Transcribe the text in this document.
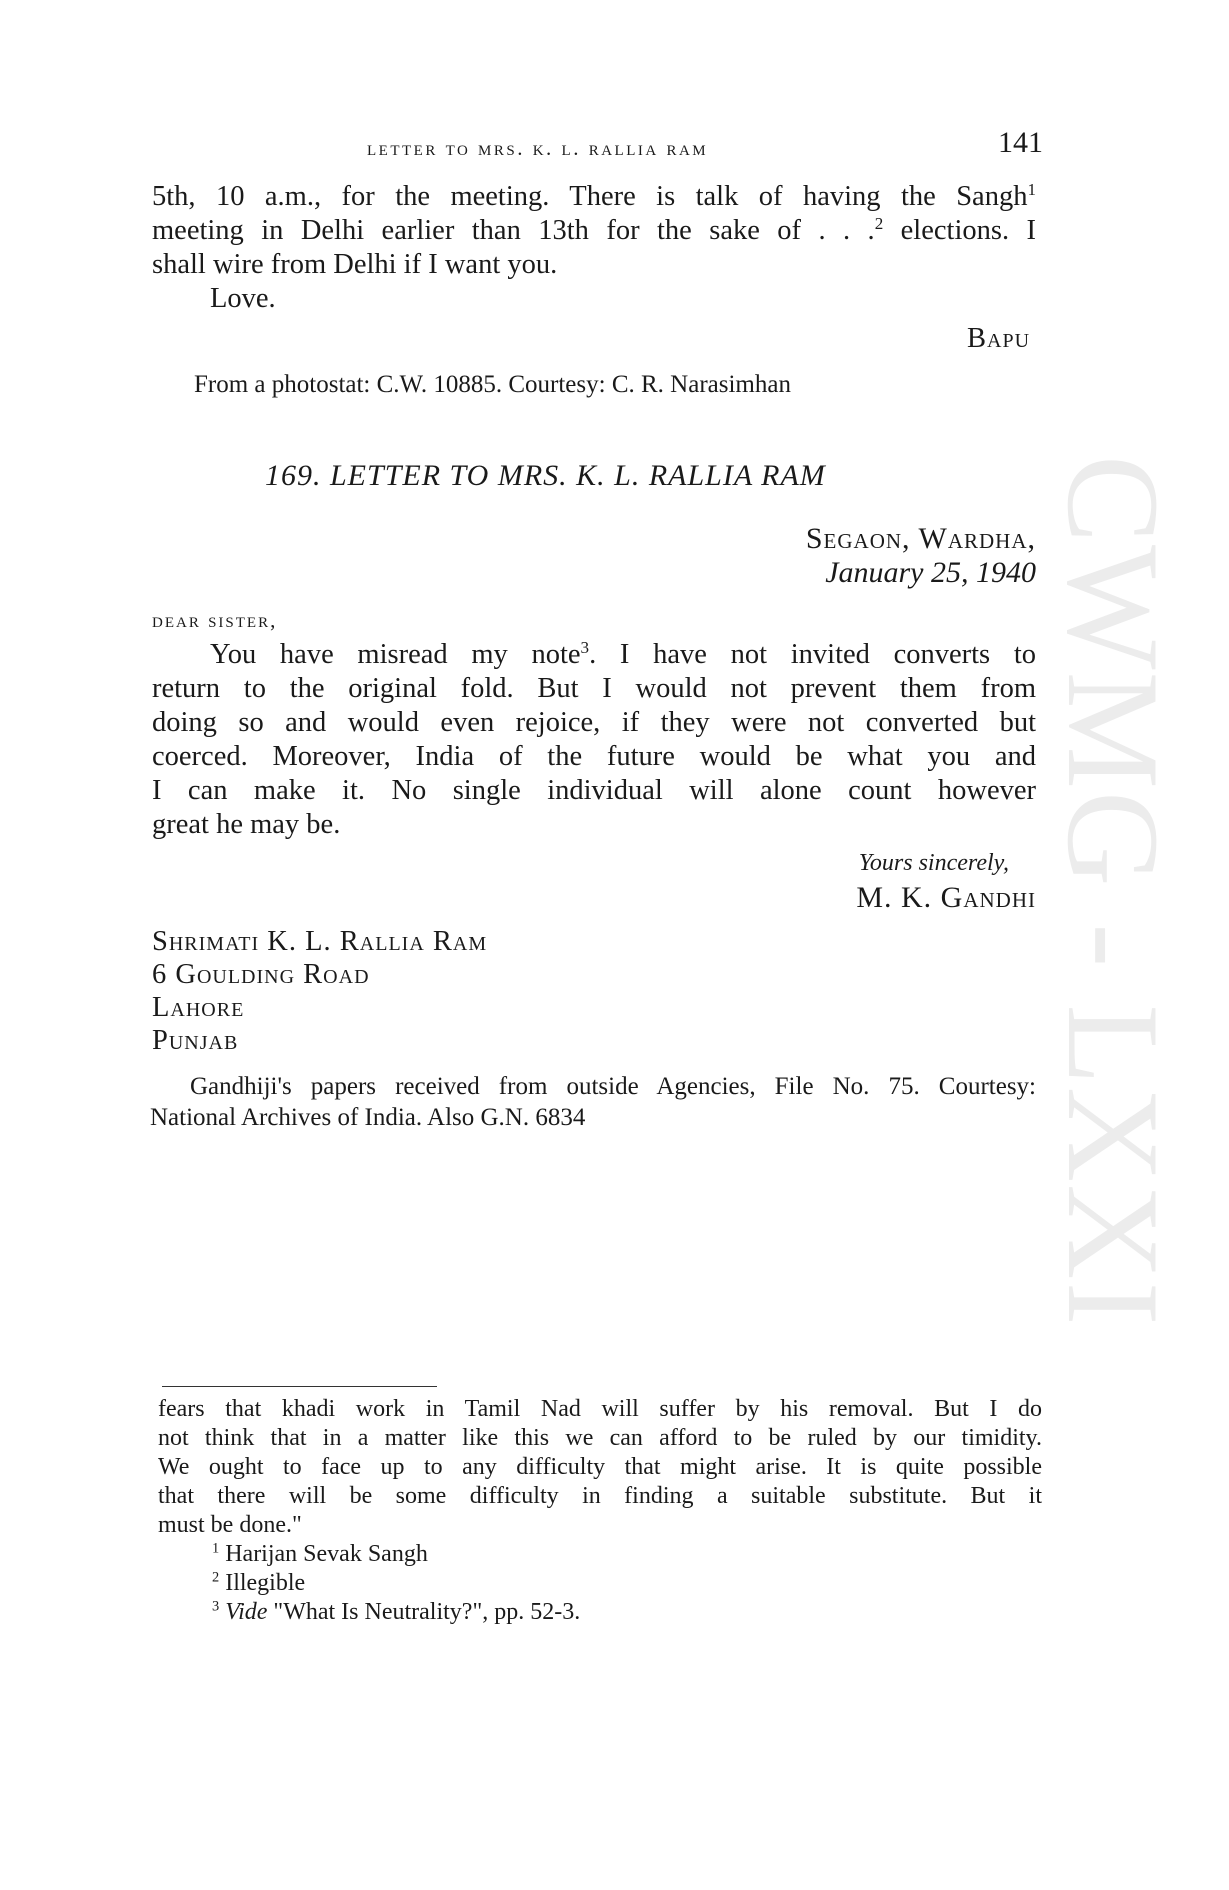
CWMG - LXXI
letter to mrs. k. l. rallia ram	141
5th, 10 a.m., for the meeting. There is talk of having the Sangh$^1$
meeting in Delhi earlier than 13th for the sake of . . .$^2$ elections. I
shall wire from Delhi if I want you.
Love.
Bapu
From a photostat: C.W. 10885. Courtesy: C. R. Narasimhan
169. LETTER TO MRS. K. L. RALLIA RAM
Segaon, Wardha,
January 25, 1940
dear sister,
You have misread my note$^3$. I have not invited converts to
return to the original fold. But I would not prevent them from
doing so and would even rejoice, if they were not converted but
coerced. Moreover, India of the future would be what you and
I can make it. No single individual will alone count however
great he may be.
Yours sincerely,
M. K. Gandhi
Shrimati K. L. Rallia Ram
6 Goulding Road
Lahore
Punjab
Gandhiji's papers received from outside Agencies, File No. 75. Courtesy:
National Archives of India. Also G.N. 6834
fears that khadi work in Tamil Nad will suffer by his removal. But I do
not think that in a matter like this we can afford to be ruled by our timidity.
We ought to face up to any difficulty that might arise. It is quite possible
that there will be some difficulty in finding a suitable substitute. But it
must be done."
$^1$ Harijan Sevak Sangh
$^2$ Illegible
$^3$ Vide "What Is Neutrality?", pp. 52-3.
